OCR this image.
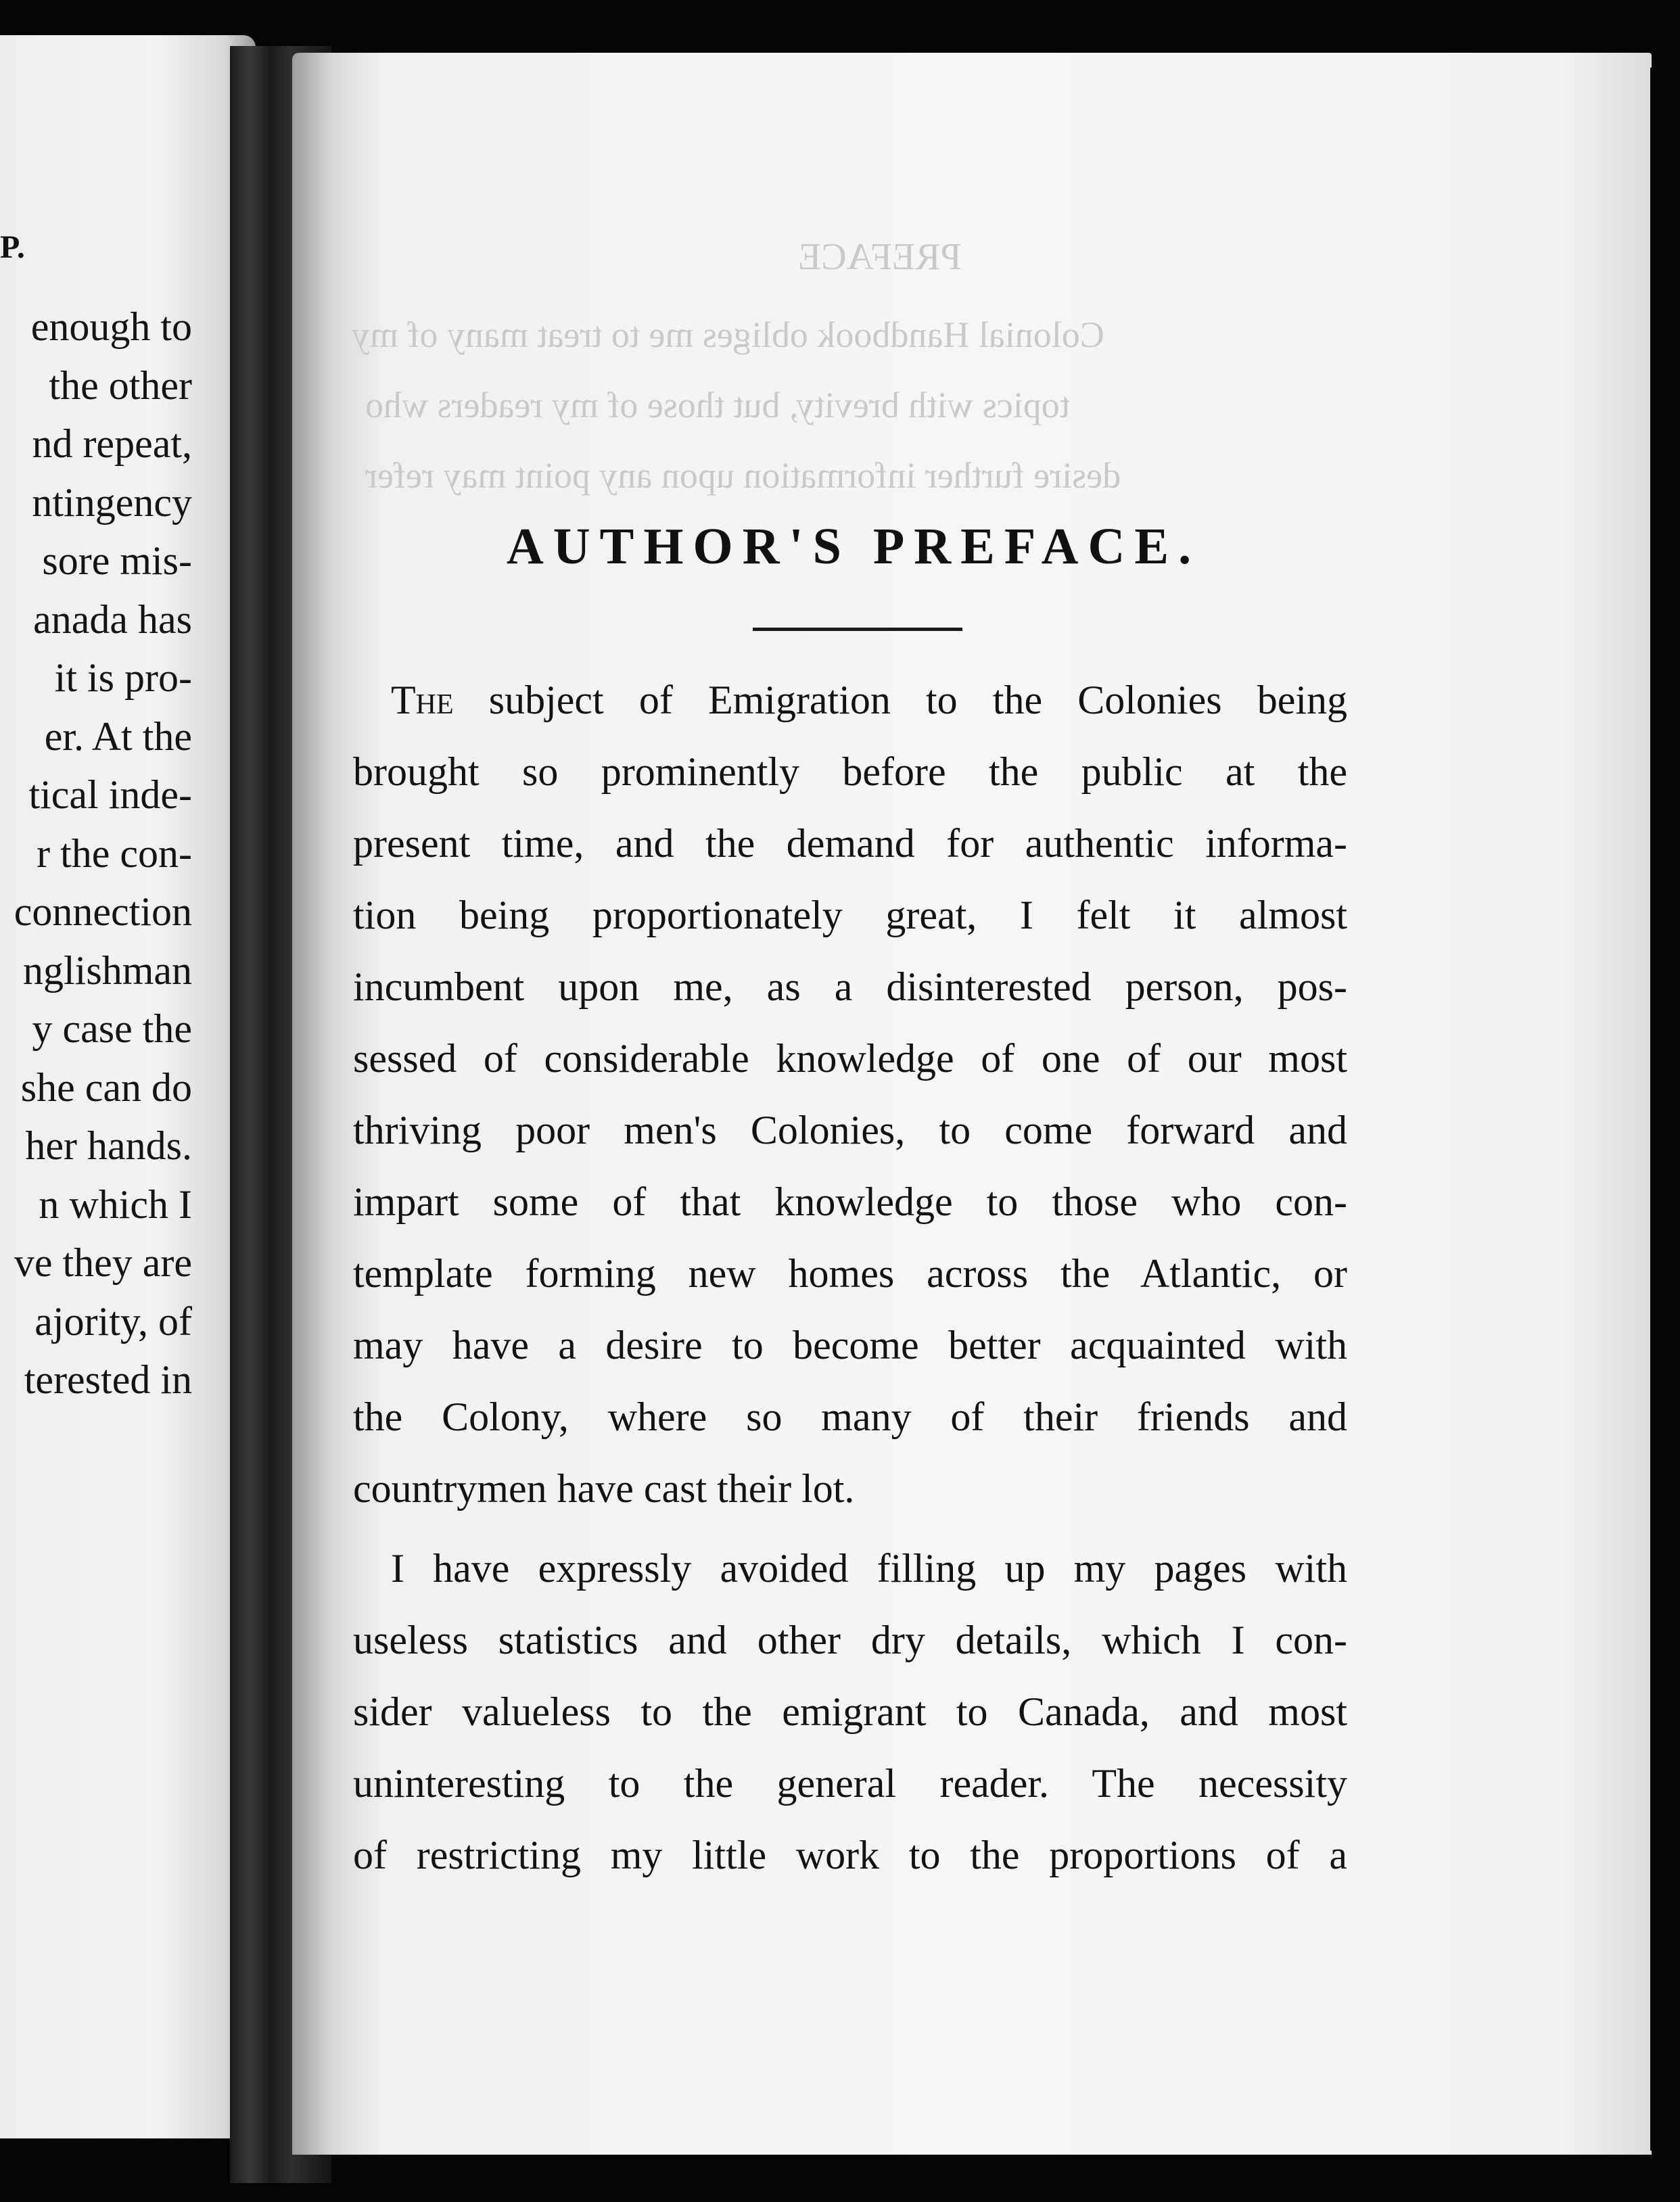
P.
enough to
the other
nd repeat,
ntingency
sore mis-
anada has
it is pro-
er. At the
tical inde-
r the con-
connection
nglishman
y case the
she can do
her hands.
n which I
ve they are
ajority, of
terested in
PREFACE
Colonial Handbook obliges me to treat many of my
topics with brevity, but those of my readers who
desire further information upon any point may refer
AUTHOR'S PREFACE.
The subject of Emigration to the Colonies being
brought so prominently before the public at the
present time, and the demand for authentic informa-
tion being proportionately great, I felt it almost
incumbent upon me, as a disinterested person, pos-
sessed of considerable knowledge of one of our most
thriving poor men's Colonies, to come forward and
impart some of that knowledge to those who con-
template forming new homes across the Atlantic, or
may have a desire to become better acquainted with
the Colony, where so many of their friends and
countrymen have cast their lot.
I have expressly avoided filling up my pages with
useless statistics and other dry details, which I con-
sider valueless to the emigrant to Canada, and most
uninteresting to the general reader. The necessity
of restricting my little work to the proportions of a
